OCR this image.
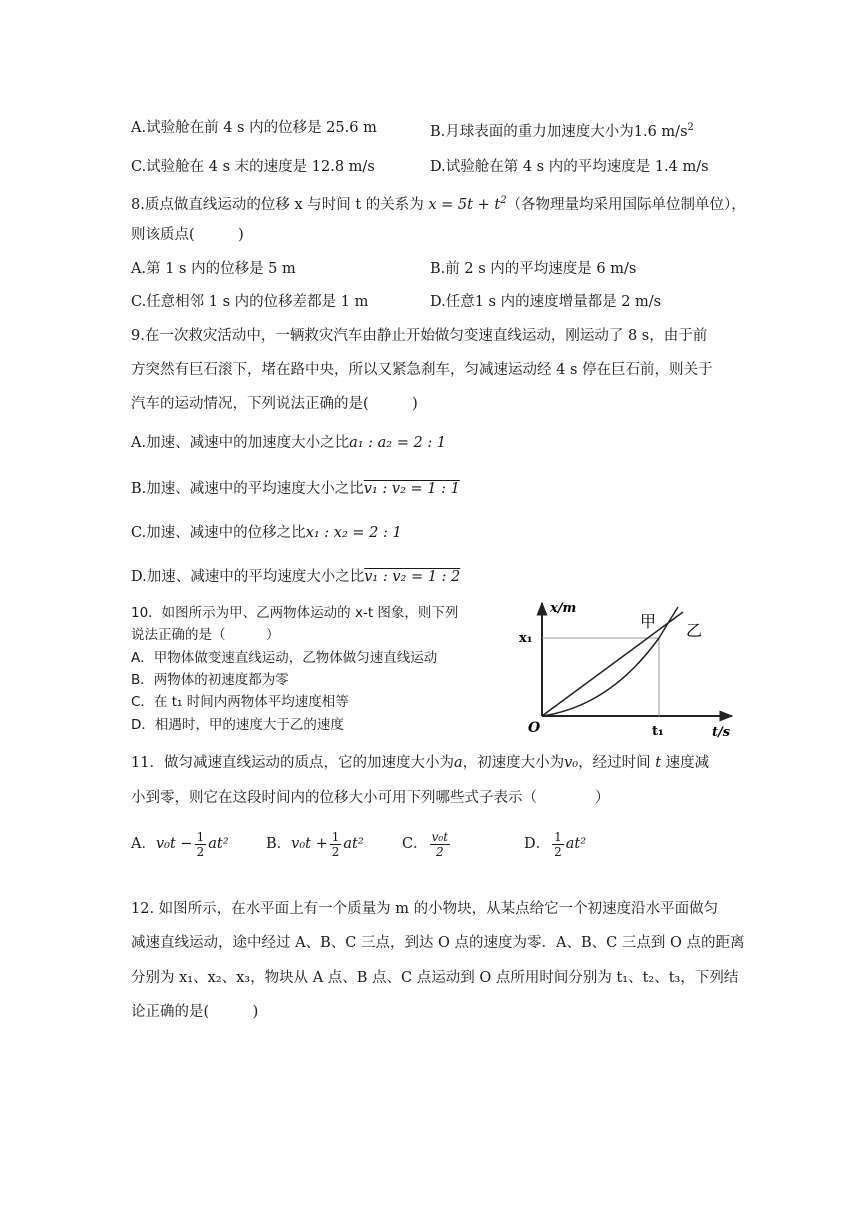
A.试验舱在前 4 s 内的位移是 25.6 m	B.月球表面的重力加速度大小为1.6 $m/s^2$
C.试验舱在 4 s 末的速度是 12.8 m/s	D.试验舱在第 4 s 内的平均速度是 1.4 m/s
8.质点做直线运动的位移 x 与时间 t 的关系为 $x = 5t + t^2$（各物理量均采用国际单位制单位），
则该质点(　　　)
A.第 1 s 内的位移是 5 m	B.前 2 s 内的平均速度是 6 m/s
C.任意相邻 1 s 内的位移差都是 1 m	D.任意1 s 内的速度增量都是 2 m/s
9.在一次救灾活动中，一辆救灾汽车由静止开始做匀变速直线运动，刚运动了 8 s，由于前
方突然有巨石滚下，堵在路中央，所以又紧急刹车，匀减速运动经 4 s 停在巨石前，则关于
汽车的运动情况，下列说法正确的是(　　　)
A.加速、减速中的加速度大小之比a₁ : a₂ = 2 : 1
B.加速、减速中的平均速度大小之比v₁ : v₂ = 1 : 1
C.加速、减速中的位移之比x₁ : x₂ = 2 : 1
D.加速、减速中的平均速度大小之比v₁ : v₂ = 1 : 2
10．如图所示为甲、乙两物体运动的 x-t 图象，则下列
说法正确的是（　　　）
A．甲物体做变速直线运动，乙物体做匀速直线运动
B．两物体的初速度都为零
C．在 t₁ 时间内两物体平均速度相等
D．相遇时，甲的速度大于乙的速度
x/m
t/s
O
x₁
t₁
甲 乙
11．做匀减速直线运动的质点，它的加速度大小为a，初速度大小为v₀，经过时间 t 速度减
小到零，则它在这段时间内的位移大小可用下列哪些式子表示（　　　　）
A． $v_0t - \frac{1}{2} at^2$	B． $v_0t + \frac{1}{2} at^2$	C． $\frac{\text{v₀t}}{2}$	D． $\frac{1}{2} at^2$
12. 如图所示，在水平面上有一个质量为 m 的小物块，从某点给它一个初速度沿水平面做匀
减速直线运动，途中经过 A、B、C 三点，到达 O 点的速度为零．A、B、C 三点到 O 点的距离
分别为 x₁、x₂、x₃，物块从 A 点、B 点、C 点运动到 O 点所用时间分别为 t₁、t₂、t₃，下列结
论正确的是(　　　)
